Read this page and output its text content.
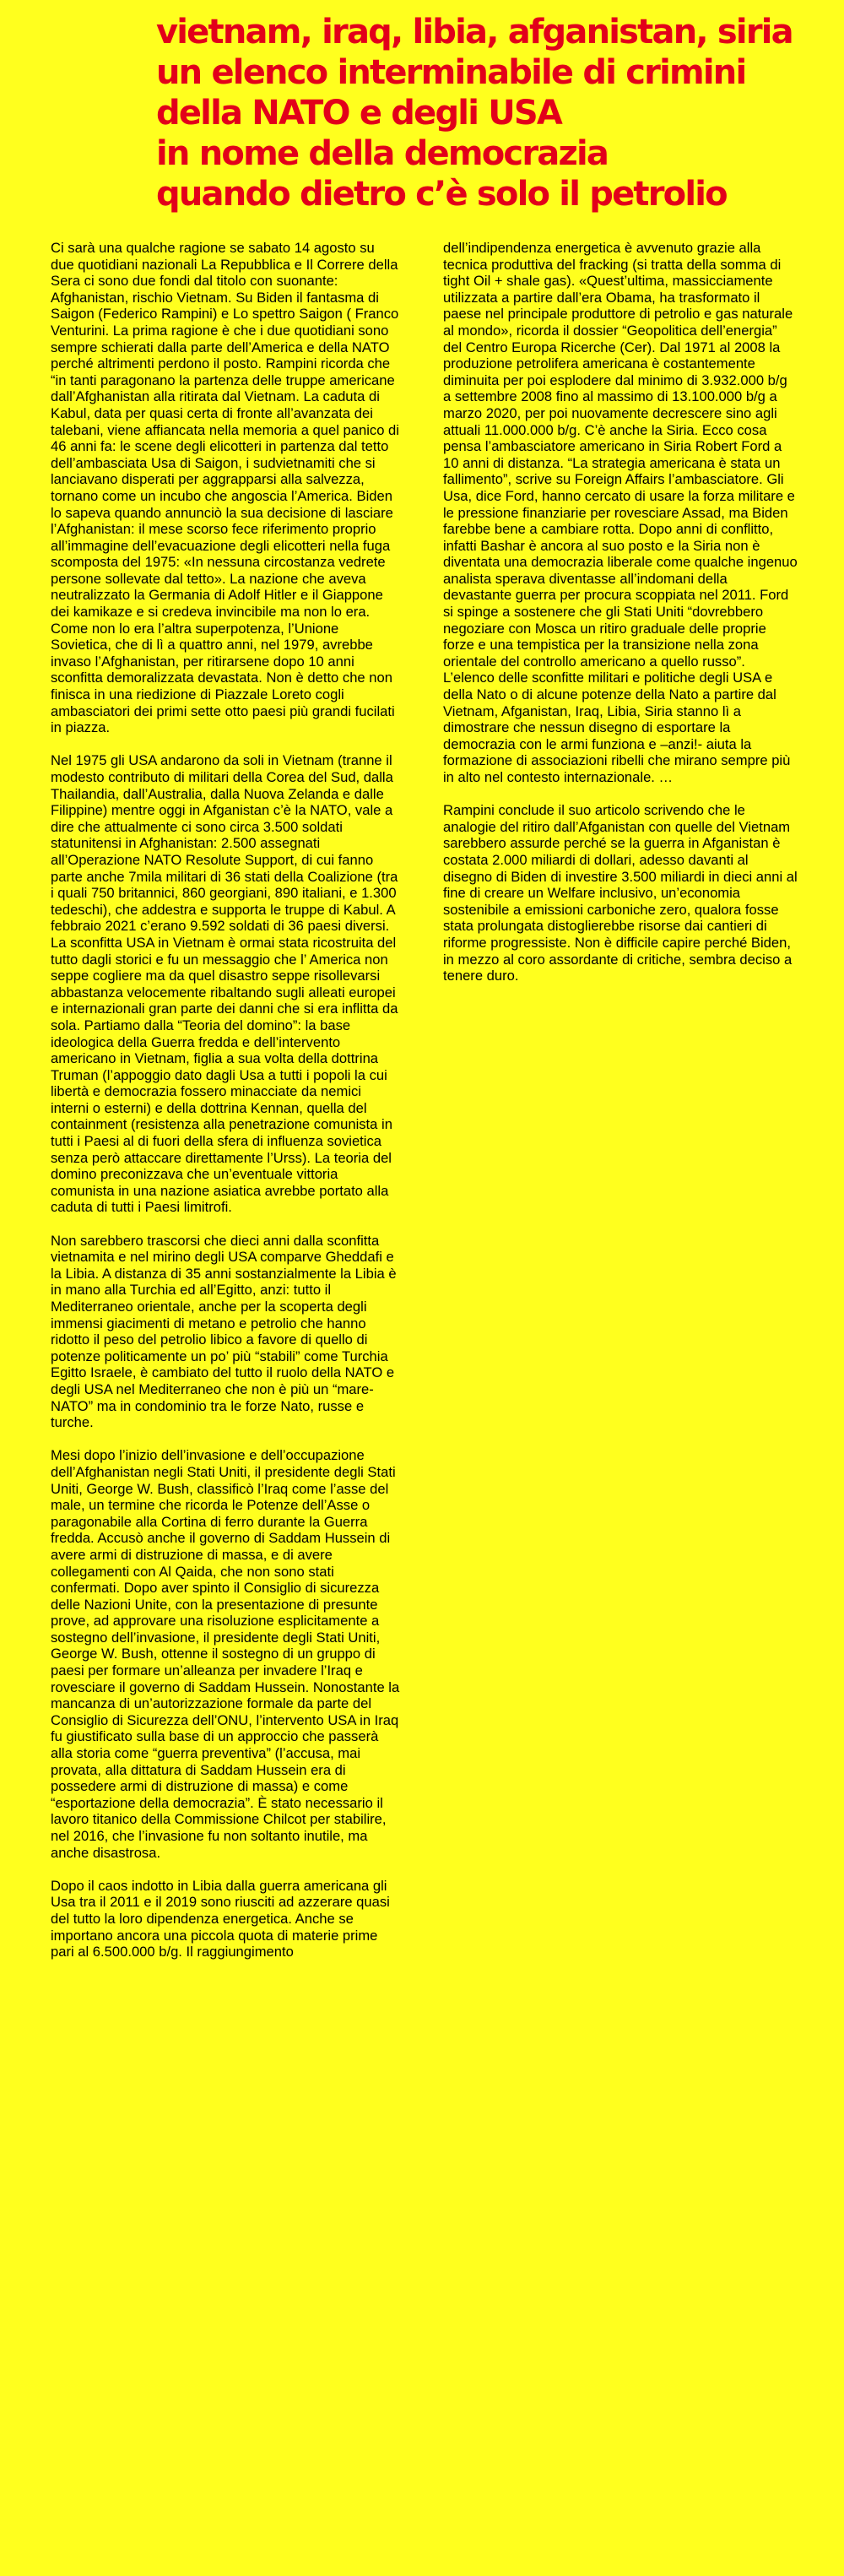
vietnam, iraq, libia, afganistan, siria
un elenco interminabile di crimini
della NATO e degli USA
in nome della democrazia
quando dietro c’è solo il petrolio

Ci sarà una qualche ragione se sabato 14 agosto su due quotidiani nazionali La Repubblica e Il Correre della Sera ci sono due fondi dal titolo con suonante: Afghanistan, rischio Vietnam. Su Biden il fantasma di Saigon (Federico Rampini) e Lo spettro Saigon ( Franco Venturini. La prima ragione è che i due quotidiani sono sempre schierati dalla parte dell’America e della NATO perché altrimenti perdono il posto. Rampini ricorda che “in tanti paragonano la partenza delle truppe americane dall’Afghanistan alla ritirata dal Vietnam. La caduta di Kabul, data per quasi certa di fronte all’avanzata dei talebani, viene affiancata nella memoria a quel panico di 46 anni fa: le scene degli elicotteri in partenza dal tetto dell’ambasciata Usa di Saigon, i sudvietnamiti che si lanciavano disperati per aggrapparsi alla salvezza, tornano come un incubo che angoscia l’America. Biden lo sapeva quando annunciò la sua decisione di lasciare l’Afghanistan: il mese scorso fece riferimento proprio all’immagine dell’evacuazione degli elicotteri nella fuga scomposta del 1975: «In nessuna circostanza vedrete persone sollevate dal tetto». La nazione che aveva neutralizzato la Germania di Adolf Hitler e il Giappone dei kamikaze e si credeva invincibile ma non lo era. Come non lo era l’altra superpotenza, l’Unione Sovietica, che di lì a quattro anni, nel 1979, avrebbe invaso l’Afghanistan, per ritirarsene dopo 10 anni sconfitta demoralizzata devastata. Non è detto che non finisca in una riedizione di Piazzale Loreto cogli ambasciatori dei primi sette otto paesi più grandi fucilati in piazza.

Nel 1975 gli USA andarono da soli in Vietnam (tranne il modesto contributo di militari della Corea del Sud, dalla Thailandia, dall’Australia, dalla Nuova Zelanda e dalle Filippine) mentre oggi in Afganistan c’è la NATO, vale a dire che attualmente ci sono circa 3.500 soldati statunitensi in Afghanistan: 2.500 assegnati all’Operazione NATO Resolute Support, di cui fanno parte anche 7mila militari di 36 stati della Coalizione (tra i quali 750 britannici, 860 georgiani, 890 italiani, e 1.300 tedeschi), che addestra e supporta le truppe di Kabul. A febbraio 2021 c’erano 9.592 soldati di 36 paesi diversi. La sconfitta USA in Vietnam è ormai stata ricostruita del tutto dagli storici e fu un messaggio che l’ America non seppe cogliere ma da quel disastro seppe risollevarsi abbastanza velocemente ribaltando sugli alleati europei e internazionali gran parte dei danni che si era inflitta da sola. Partiamo dalla “Teoria del domino”: la base ideologica della Guerra fredda e dell’intervento americano in Vietnam, figlia a sua volta della dottrina Truman (l’appoggio dato dagli Usa a tutti i popoli la cui libertà e democrazia fossero minacciate da nemici interni o esterni) e della dottrina Kennan, quella del containment (resistenza alla penetrazione comunista in tutti i Paesi al di fuori della sfera di influenza sovietica senza però attaccare direttamente l’Urss). La teoria del domino preconizzava che un’eventuale vittoria comunista in una nazione asiatica avrebbe portato alla caduta di tutti i Paesi limitrofi.

Non sarebbero trascorsi che dieci anni dalla sconfitta vietnamita e nel mirino degli USA comparve Gheddafi e la Libia. A distanza di 35 anni sostanzialmente la Libia è in mano alla Turchia ed all’Egitto, anzi: tutto il Mediterraneo orientale, anche per la scoperta degli immensi giacimenti di metano e petrolio che hanno ridotto il peso del petrolio libico a favore di quello di potenze politicamente un po’ più “stabili” come Turchia Egitto Israele, è cambiato del tutto il ruolo della NATO e degli USA nel Mediterraneo che non è più un “mare-NATO” ma in condominio tra le forze Nato, russe e turche.

Mesi dopo l’inizio dell’invasione e dell’occupazione dell’Afghanistan negli Stati Uniti, il presidente degli Stati Uniti, George W. Bush, classificò l’Iraq come l’asse del male, un termine che ricorda le Potenze dell’Asse o paragonabile alla Cortina di ferro durante la Guerra fredda. Accusò anche il governo di Saddam Hussein di avere armi di distruzione di massa, e di avere collegamenti con Al Qaida, che non sono stati confermati. Dopo aver spinto il Consiglio di sicurezza delle Nazioni Unite, con la presentazione di presunte prove, ad approvare una risoluzione esplicitamente a sostegno dell’invasione, il presidente degli Stati Uniti, George W. Bush, ottenne il sostegno di un gruppo di paesi per formare un’alleanza per invadere l’Iraq e rovesciare il governo di Saddam Hussein. Nonostante la mancanza di un’autorizzazione formale da parte del Consiglio di Sicurezza dell’ONU, l’intervento USA in Iraq fu giustificato sulla base di un approccio che passerà alla storia come “guerra preventiva” (l’accusa, mai provata, alla dittatura di Saddam Hussein era di possedere armi di distruzione di massa) e come “esportazione della democrazia”. È stato necessario il lavoro titanico della Commissione Chilcot per stabilire, nel 2016, che l’invasione fu non soltanto inutile, ma anche disastrosa.

Dopo il caos indotto in Libia dalla guerra americana gli Usa tra il 2011 e il 2019 sono riusciti ad azzerare quasi del tutto la loro dipendenza energetica. Anche se importano ancora una piccola quota di materie prime pari al 6.500.000 b/g. Il raggiungimento

dell’indipendenza energetica è avvenuto grazie alla tecnica produttiva del fracking (si tratta della somma di tight Oil + shale gas). «Quest’ultima, massicciamente utilizzata a partire dall’era Obama, ha trasformato il paese nel principale produttore di petrolio e gas naturale al mondo», ricorda il dossier “Geopolitica dell’energia” del Centro Europa Ricerche (Cer). Dal 1971 al 2008 la produzione petrolifera americana è costantemente diminuita per poi esplodere dal minimo di 3.932.000 b/g a settembre 2008 fino al massimo di 13.100.000 b/g a marzo 2020, per poi nuovamente decrescere sino agli attuali 11.000.000 b/g. C’è anche la Siria. Ecco cosa pensa l’ambasciatore americano in Siria Robert Ford a 10 anni di distanza. “La strategia americana è stata un fallimento”, scrive su Foreign Affairs l’ambasciatore. Gli Usa, dice Ford, hanno cercato di usare la forza militare e le pressione finanziarie per rovesciare Assad, ma Biden farebbe bene a cambiare rotta. Dopo anni di conflitto, infatti Bashar è ancora al suo posto e la Siria non è diventata una democrazia liberale come qualche ingenuo analista sperava diventasse all’indomani della devastante guerra per procura scoppiata nel 2011. Ford si spinge a sostenere che gli Stati Uniti “dovrebbero negoziare con Mosca un ritiro graduale delle proprie forze e una tempistica per la transizione nella zona orientale del controllo americano a quello russo”. L’elenco delle sconfitte militari e politiche degli USA e della Nato o di alcune potenze della Nato a partire dal Vietnam, Afganistan, Iraq, Libia, Siria stanno lì a dimostrare che nessun disegno di esportare la democrazia con le armi funziona e –anzi!- aiuta la formazione di associazioni ribelli che mirano sempre più in alto nel contesto internazionale. …

Rampini conclude il suo articolo scrivendo che le analogie del ritiro dall’Afganistan con quelle del Vietnam sarebbero assurde perché se la guerra in Afganistan è costata 2.000 miliardi di dollari, adesso davanti al disegno di Biden di investire 3.500 miliardi in dieci anni al fine di creare un Welfare inclusivo, un’economia sostenibile a emissioni carboniche zero, qualora fosse stata prolungata distoglierebbe risorse dai cantieri di riforme progressiste. Non è difficile capire perché Biden, in mezzo al coro assordante di critiche, sembra deciso a tenere duro.
